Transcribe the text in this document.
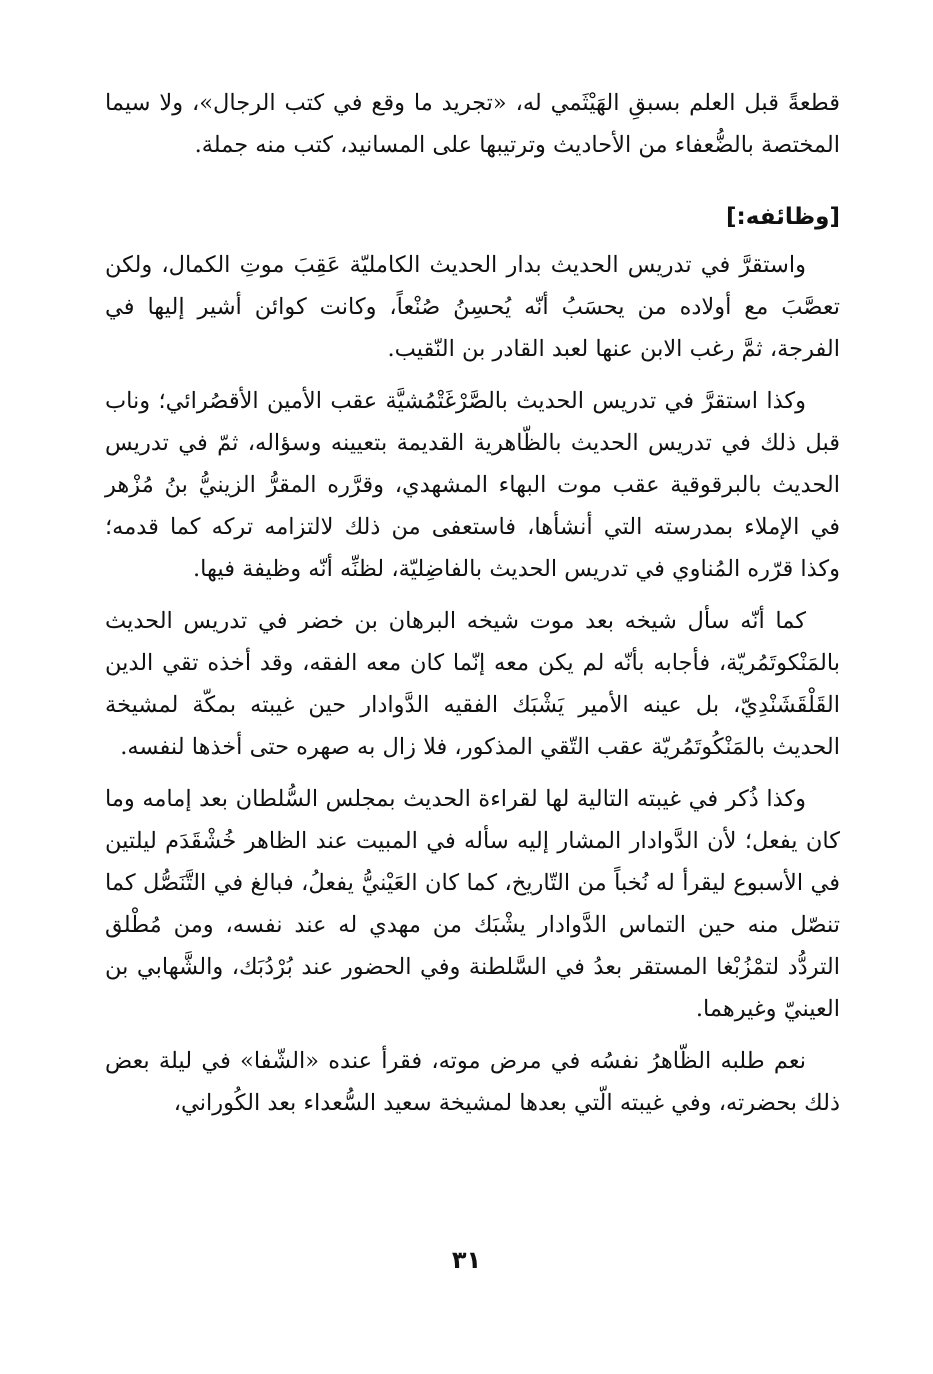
قطعةً قبل العلم بسبقِ الهَيْثَمي له، «تجريد ما وقع في كتب الرجال»، ولا سيما المختصة بالضُّعفاء من الأحاديث وترتيبها على المسانيد، كتب منه جملة.

[وظائفه:]

واستقرَّ في تدريس الحديث بدار الحديث الكامليّة عَقِبَ موتِ الكمال، ولكن تعصَّبَ مع أولاده من يحسَبُ أنّه يُحسِنُ صُنْعاً، وكانت كوائن أشير إليها في الفرجة، ثمَّ رغب الابن عنها لعبد القادر بن النّقيب.

وكذا استقرَّ في تدريس الحديث بالصَّرْغَتْمُشيَّة عقب الأمين الأقصُرائي؛ وناب قبل ذلك في تدريس الحديث بالظّاهرية القديمة بتعيينه وسؤاله، ثمّ في تدريس الحديث بالبرقوقية عقب موت البهاء المشهدي، وقرَّره المقرُّ الزينيُّ بنُ مُزْهر في الإملاء بمدرسته التي أنشأها، فاستعفى من ذلك لالتزامه تركه كما قدمه؛ وكذا قرّره المُناوي في تدريس الحديث بالفاضِليّة، لظنِّه أنّه وظيفة فيها.

كما أنّه سأل شيخه بعد موت شيخه البرهان بن خضر في تدريس الحديث بالمَنْكوتَمُريّة، فأجابه بأنّه لم يكن معه إنّما كان معه الفقه، وقد أخذه تقي الدين القَلْقَشَنْدِيّ، بل عينه الأمير يَشْبَك الفقيه الدَّوادار حين غيبته بمكّة لمشيخة الحديث بالمَنْكُوتَمُريّة عقب التّقي المذكور، فلا زال به صهره حتى أخذها لنفسه.

وكذا ذُكر في غيبته التالية لها لقراءة الحديث بمجلس السُّلطان بعد إمامه وما كان يفعل؛ لأن الدَّوادار المشار إليه سأله في المبيت عند الظاهر خُشْقَدَم ليلتين في الأسبوع ليقرأ له نُخباً من التّاريخ، كما كان العَيْنيُّ يفعلُ، فبالغ في التَّنَصُّل كما تنصّل منه حين التماس الدَّوادار يشْبَك من مهدي له عند نفسه، ومن مُطْلق التردُّد لتمْزُبْغا المستقر بعدُ في السَّلطنة وفي الحضور عند بُرْدُبَك، والشَّهابي بن العينيّ وغيرهما.

نعم طلبه الظّاهرُ نفسُه في مرض موته، فقرأ عنده «الشّفا» في ليلة بعض ذلك بحضرته، وفي غيبته الّتي بعدها لمشيخة سعيد السُّعداء بعد الكُوراني،

٣١
